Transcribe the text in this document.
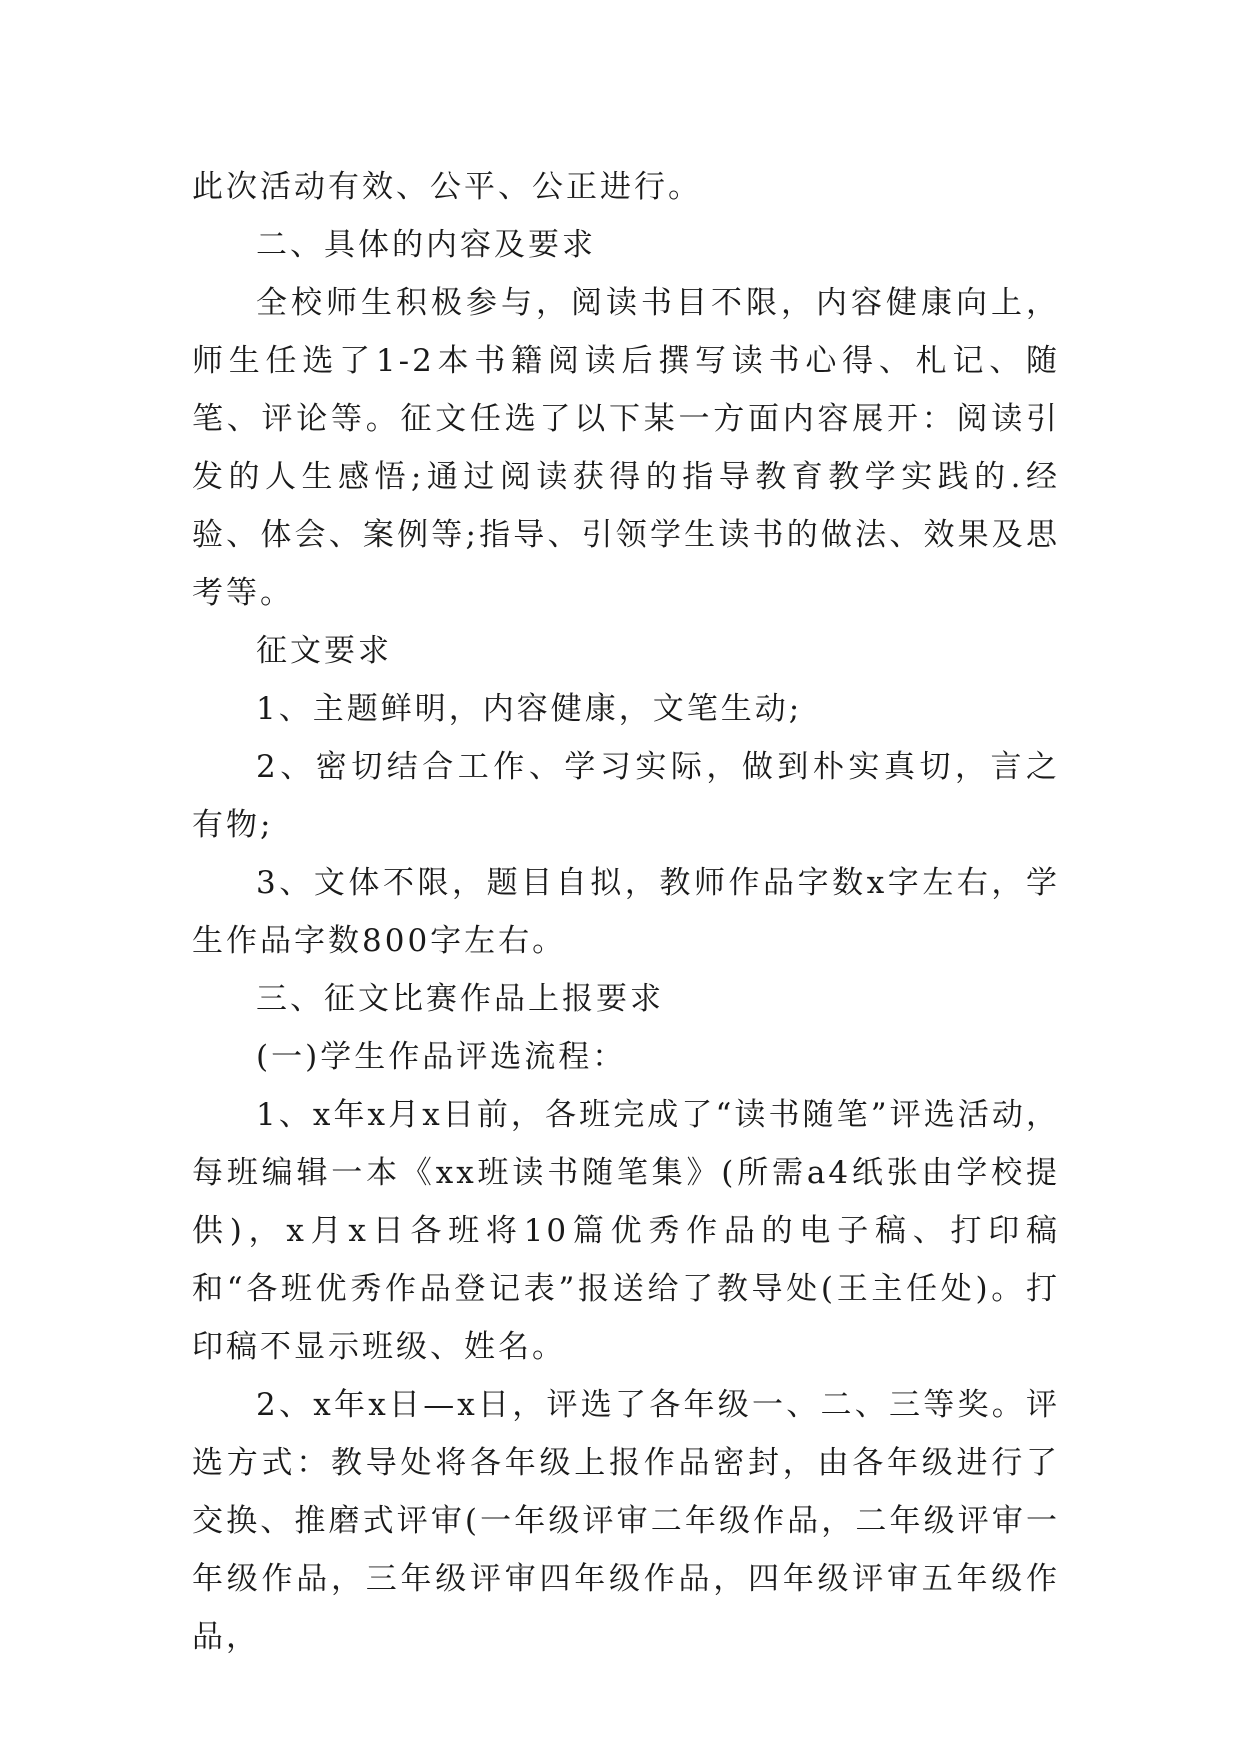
此次活动有效、公平、公正进行。

二、具体的内容及要求

全校师生积极参与，阅读书目不限，内容健康向上，师生任选了1-2本书籍阅读后撰写读书心得、札记、随笔、评论等。征文任选了以下某一方面内容展开：阅读引发的人生感悟;通过阅读获得的指导教育教学实践的.经验、体会、案例等;指导、引领学生读书的做法、效果及思考等。

征文要求

1、主题鲜明，内容健康，文笔生动;

2、密切结合工作、学习实际，做到朴实真切，言之有物;

3、文体不限，题目自拟，教师作品字数x字左右，学生作品字数800字左右。

三、征文比赛作品上报要求

(一)学生作品评选流程：

1、x年x月x日前，各班完成了“读书随笔”评选活动，每班编辑一本《xx班读书随笔集》(所需a4纸张由学校提供)，x月x日各班将10篇优秀作品的电子稿、打印稿和“各班优秀作品登记表”报送给了教导处(王主任处)。打印稿不显示班级、姓名。

2、x年x日—x日，评选了各年级一、二、三等奖。评选方式：教导处将各年级上报作品密封，由各年级进行了交换、推磨式评审(一年级评审二年级作品，二年级评审一年级作品，三年级评审四年级作品，四年级评审五年级作品，
